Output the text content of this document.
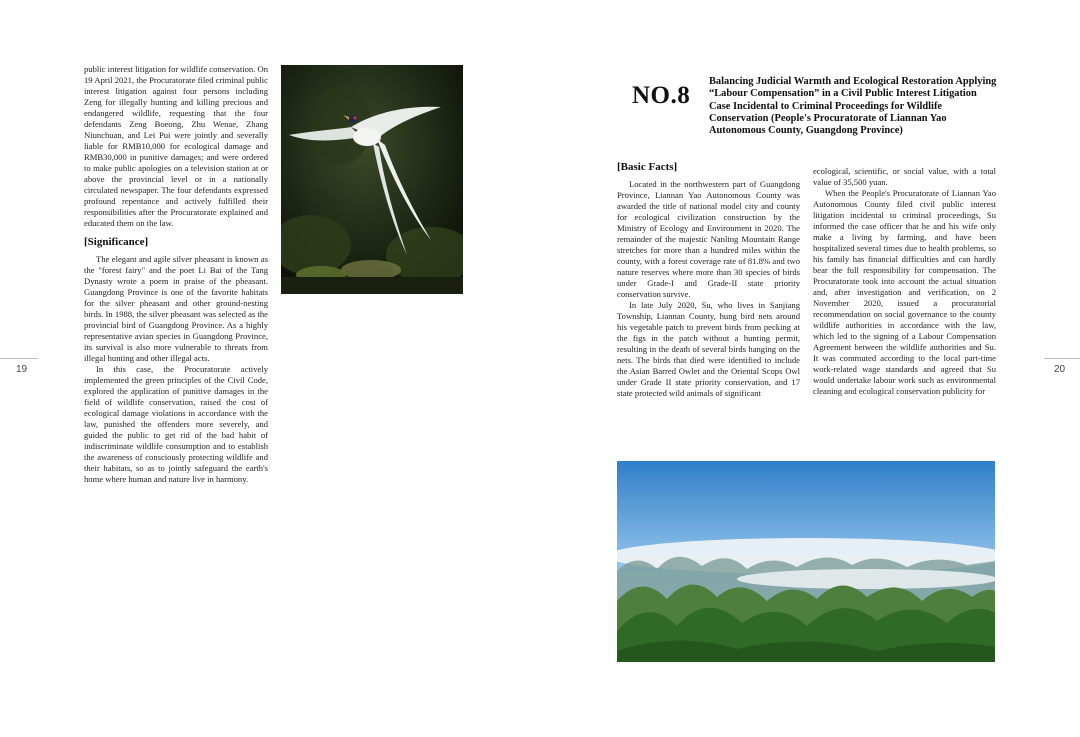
19

public interest litigation for wildlife conservation. On 19 April 2021, the Procuratorate filed criminal public interest litigation against four persons including Zeng for illegally hunting and killing precious and endangered wildlife, requesting that the four defendants Zeng Boeong, Zhu Wenae, Zhang Niunchuan, and Lei Pui were jointly and severally liable for RMB10,000 for ecological damage and RMB30,000 in punitive damages; and were ordered to make public apologies on a television station at or above the provincial level or in a nationally circulated newspaper. The four defendants expressed profound repentance and actively fulfilled their responsibilities after the Procuratorate explained and educated them on the law.

[Significance]

The elegant and agile silver pheasant is known as the "forest fairy" and the poet Li Bai of the Tang Dynasty wrote a poem in praise of the pheasant. Guangdong Province is one of the favorite habitats for the silver pheasant and other ground-nesting birds. In 1988, the silver pheasant was selected as the provincial bird of Guangdong Province. As a highly representative avian species in Guangdong Province, its survival is also more vulnerable to threats from illegal hunting and other illegal acts.

In this case, the Procuratorate actively implemented the green principles of the Civil Code, explored the application of punitive damages in the field of wildlife conservation, raised the cost of ecological damage violations in accordance with the law, punished the offenders more severely, and guided the public to get rid of the bad habit of indiscriminate wildlife consumption and to establish the awareness of consciously protecting wildlife and their habitats, so as to jointly safeguard the earth's home where human and nature live in harmony.

20
NO.8
Balancing Judicial Warmth and Ecological Restoration Applying “Labour Compensation” in a Civil Public Interest Litigation Case Incidental to Criminal Proceedings for Wildlife Conservation (People's Procuratorate of Liannan Yao Autonomous County, Guangdong Province)
[Basic Facts]

Located in the northwestern part of Guangdong Province, Liannan Yao Autonomous County was awarded the title of national model city and county for ecological civilization construction by the Ministry of Ecology and Environment in 2020. The remainder of the majestic Nanling Mountain Range stretches for more than a hundred miles within the county, with a forest coverage rate of 81.8% and two nature reserves where more than 30 species of birds under Grade-I and Grade-II state priority conservation survive.

In late July 2020, Su, who lives in Sanjiang Township, Liannan County, hung bird nets around his vegetable patch to prevent birds from pecking at the figs in the patch without a hunting permit, resulting in the death of several birds hanging on the nets. The birds that died were identified to include the Asian Barred Owlet and the Oriental Scops Owl under Grade II state priority conservation, and 17 state protected wild animals of significant

ecological, scientific, or social value, with a total value of 35,500 yuan.

When the People's Procuratorate of Liannan Yao Autonomous County filed civil public interest litigation incidental to criminal proceedings, Su informed the case officer that he and his wife only make a living by farming, and have been hospitalized several times due to health problems, so his family has financial difficulties and can hardly bear the full responsibility for compensation. The Procuratorate took into account the actual situation and, after investigation and verification, on 2 November 2020, issued a procuratorial recommendation on social governance to the county wildlife authorities in accordance with the law, which led to the signing of a Labour Compensation Agreement between the wildlife authorities and Su. It was commuted according to the local part-time work-related wage standards and agreed that Su would undertake labour work such as environmental cleaning and ecological conservation publicity for
